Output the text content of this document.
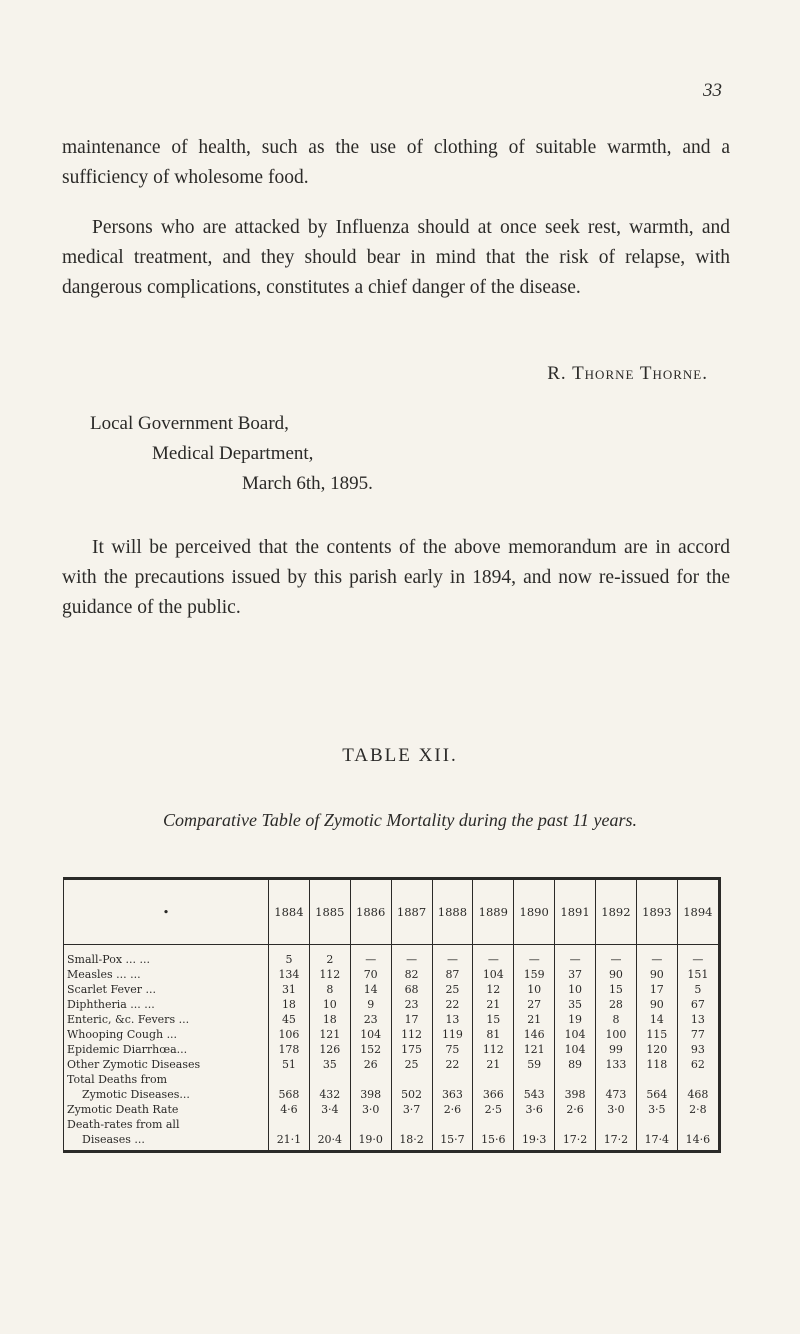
33

maintenance of health, such as the use of clothing of suitable warmth, and a sufficiency of wholesome food.

Persons who are attacked by Influenza should at once seek rest, warmth, and medical treatment, and they should bear in mind that the risk of relapse, with dangerous complications, constitutes a chief danger of the disease.

R. Thorne Thorne.
Local Government Board,
Medical Department,
March 6th, 1895.

It will be perceived that the contents of the above memorandum are in accord with the precautions issued by this parish early in 1894, and now re-issued for the guidance of the public.

TABLE XII.
Comparative Table of Zymotic Mortality during the past 11 years.
•	1884	1885	1886	1887	1888	1889	1890	1891	1892	1893	1894
Small-Pox ... ...	5	2	—	—	—	—	—	—	—	—	—
Measles ... ...	134	112	70	82	87	104	159	37	90	90	151
Scarlet Fever ...	31	8	14	68	25	12	10	10	15	17	5
Diphtheria ... ...	18	10	9	23	22	21	27	35	28	90	67
Enteric, &c. Fevers ...	45	18	23	17	13	15	21	19	8	14	13
Whooping Cough ...	106	121	104	112	119	81	146	104	100	115	77
Epidemic Diarrhœa...	178	126	152	175	75	112	121	104	99	120	93
Other Zymotic Diseases	51	35	26	25	22	21	59	89	133	118	62
Total Deaths from											
Zymotic Diseases...	568	432	398	502	363	366	543	398	473	564	468
Zymotic Death Rate	4·6	3·4	3·0	3·7	2·6	2·5	3·6	2·6	3·0	3·5	2·8
Death-rates from all											
Diseases ...	21·1	20·4	19·0	18·2	15·7	15·6	19·3	17·2	17·2	17·4	14·6
